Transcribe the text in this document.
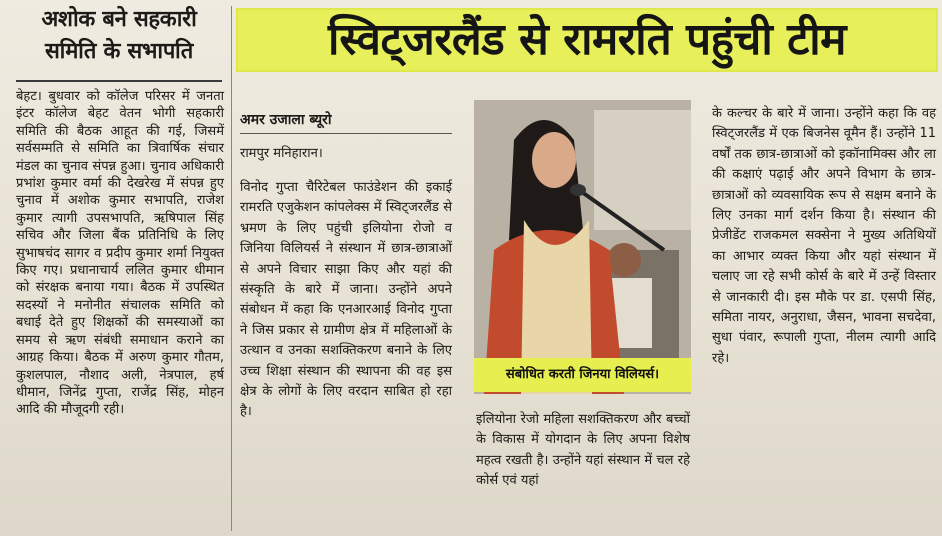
अशोक बने सहकारी समिति के सभापति

बेहट। बुधवार को कॉलेज परिसर में जनता इंटर कॉलेज बेहट वेतन भोगी सहकारी समिति की बैठक आहूत की गई, जिसमें सर्वसम्मति से समिति का त्रिवार्षिक संचार मंडल का चुनाव संपन्न हुआ। चुनाव अधिकारी प्रभांश कुमार वर्मा की देखरेख में संपन्न हुए चुनाव में अशोक कुमार सभापति, राजेश कुमार त्यागी उपसभापति, ऋषिपाल सिंह सचिव और जिला बैंक प्रतिनिधि के लिए सुभाषचंद सागर व प्रदीप कुमार शर्मा नियुक्त किए गए। प्रधानाचार्य ललित कुमार धीमान को संरक्षक बनाया गया। बैठक में उपस्थित सदस्यों ने मनोनीत संचालक समिति को बधाई देते हुए शिक्षकों की समस्याओं का समय से ऋण संबंधी समाधान कराने का आग्रह किया। बैठक में अरुण कुमार गौतम, कुशलपाल, नौशाद अली, नेत्रपाल, हर्ष धीमान, जिनेंद्र गुप्ता, राजेंद्र सिंह, मोहन आदि की मौजूदगी रही।

स्विट्जरलैंड से रामरति पहुंची टीम
अमर उजाला ब्यूरो
रामपुर मनिहारान।

विनोद गुप्ता चैरिटेबल फाउंडेशन की इकाई रामरति एजुकेशन कांपलेक्स में स्विट्जरलैंड से भ्रमण के लिए पहुंची इलियोना रोजो व जिनिया विलियर्स ने संस्थान में छात्र-छात्राओं से अपने विचार साझा किए और यहां की संस्कृति के बारे में जाना। उन्होंने अपने संबोधन में कहा कि एनआरआई विनोद गुप्ता ने जिस प्रकार से ग्रामीण क्षेत्र में महिलाओं के उत्थान व उनका सशक्तिकरण बनाने के लिए उच्च शिक्षा संस्थान की स्थापना की वह इस क्षेत्र के लोगों के लिए वरदान साबित हो रहा है।

संबोधित करती जिनया विलियर्स।

इलियोना रेजो महिला सशक्तिकरण और बच्चों के विकास में योगदान के लिए अपना विशेष महत्व रखती है। उन्होंने यहां संस्थान में चल रहे कोर्स एवं यहां

के कल्चर के बारे में जाना। उन्होंने कहा कि वह स्विट्जरलैंड में एक बिजनेस वूमैन हैं। उन्होंने 11 वर्षों तक छात्र-छात्राओं को इकॉनामिक्स और ला की कक्षाएं पढ़ाई और अपने विभाग के छात्र-छात्राओं को व्यवसायिक रूप से सक्षम बनाने के लिए उनका मार्ग दर्शन किया है। संस्थान की प्रेजीडेंट राजकमल सक्सेना ने मुख्य अतिथियों का आभार व्यक्त किया और यहां संस्थान में चलाए जा रहे सभी कोर्स के बारे में उन्हें विस्तार से जानकारी दी। इस मौके पर डा. एसपी सिंह, समिता नायर, अनुराधा, जैसन, भावना सचदेवा, सुधा पंवार, रूपाली गुप्ता, नीलम त्यागी आदि रहे।
